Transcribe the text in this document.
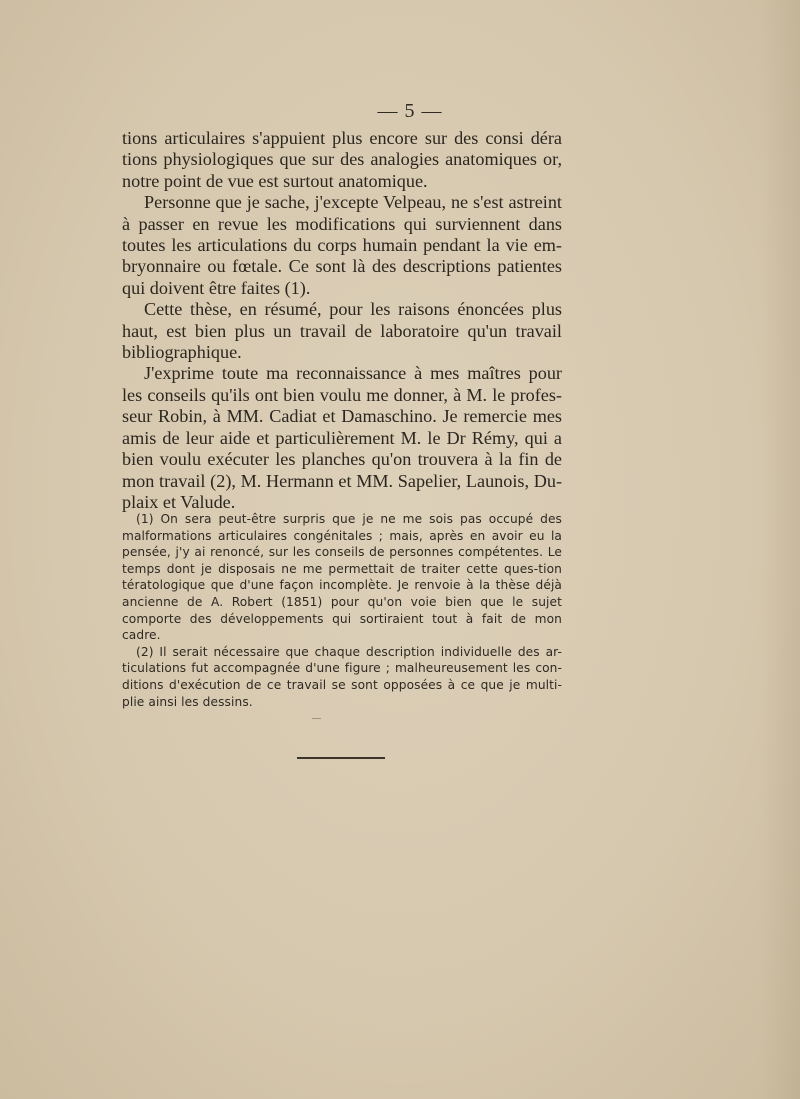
— 5 —

tions articulaires s'appuient plus encore sur des consi déra tions physiologiques que sur des analogies anatomiques or, notre point de vue est surtout anatomique.

Personne que je sache, j'excepte Velpeau, ne s'est astreint à passer en revue les modifications qui surviennent dans toutes les articulations du corps humain pendant la vie em-bryonnaire ou fœtale. Ce sont là des descriptions patientes qui doivent être faites (1).

Cette thèse, en résumé, pour les raisons énoncées plus haut, est bien plus un travail de laboratoire qu'un travail bibliographique.

J'exprime toute ma reconnaissance à mes maîtres pour les conseils qu'ils ont bien voulu me donner, à M. le profes-seur Robin, à MM. Cadiat et Damaschino. Je remercie mes amis de leur aide et particulièrement M. le Dr Rémy, qui a bien voulu exécuter les planches qu'on trouvera à la fin de mon travail (2), M. Hermann et MM. Sapelier, Launois, Du-plaix et Valude.

(1) On sera peut-être surpris que je ne me sois pas occupé des malformations articulaires congénitales ; mais, après en avoir eu la pensée, j'y ai renoncé, sur les conseils de personnes compétentes. Le temps dont je disposais ne me permettait de traiter cette ques-tion tératologique que d'une façon incomplète. Je renvoie à la thèse déjà ancienne de A. Robert (1851) pour qu'on voie bien que le sujet comporte des développements qui sortiraient tout à fait de mon cadre.

(2) Il serait nécessaire que chaque description individuelle des ar-ticulations fut accompagnée d'une figure ; malheureusement les con-ditions d'exécution de ce travail se sont opposées à ce que je multi-plie ainsi les dessins.
